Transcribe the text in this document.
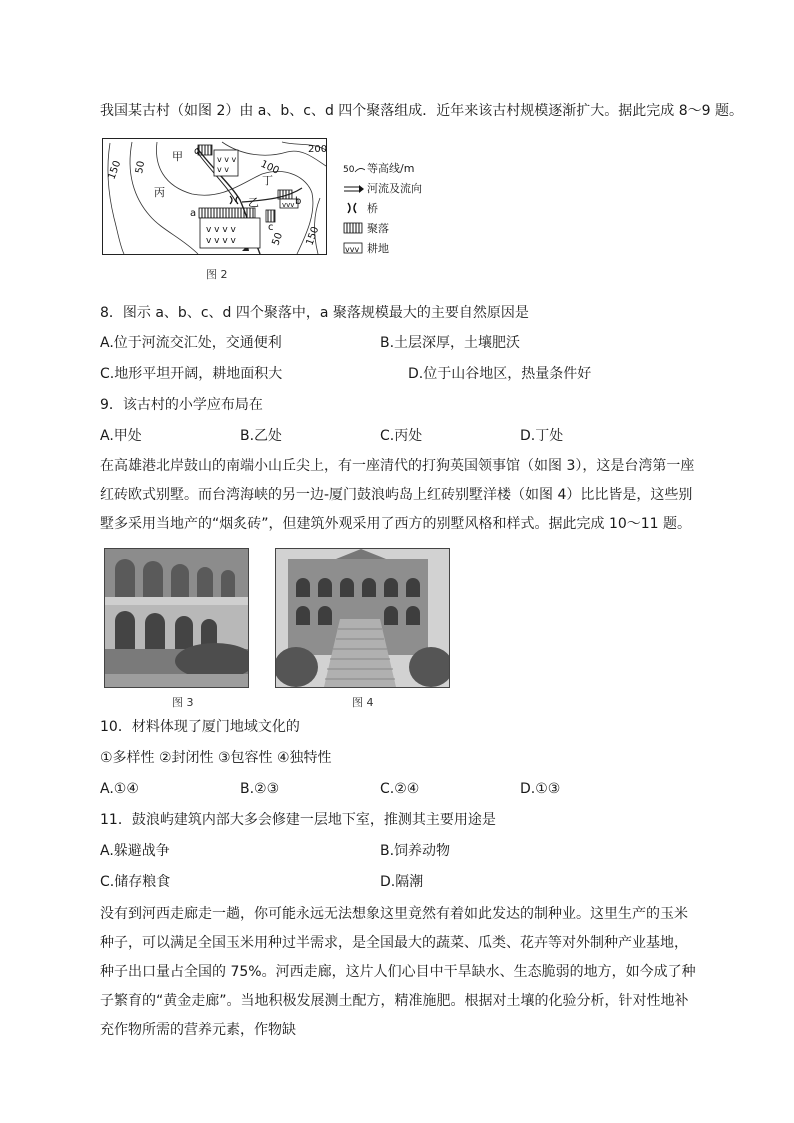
我国某古村（如图 2）由 a、b、c、d 四个聚落组成．近年来该古村规模逐渐扩大。据此完成 8～9 题。
v v v
v v
v v v v
v v v v
vvv
150 50	100
200
50 150
甲
丙
丁
乙
a
b
c
d
50 等高线/m
河流及流向
桥
聚落
vvv 耕地
图 2
8．图示 a、b、c、d 四个聚落中，a 聚落规模最大的主要自然原因是
A.位于河流交汇处，交通便利	B.土层深厚，土壤肥沃
C.地形平坦开阔，耕地面积大	D.位于山谷地区，热量条件好
9．该古村的小学应布局在
A.甲处	B.乙处	C.丙处	D.丁处
在高雄港北岸鼓山的南端小山丘尖上，有一座清代的打狗英国领事馆（如图 3），这是台湾第一座红砖欧式别墅。而台湾海峡的另一边-厦门鼓浪屿岛上红砖别墅洋楼（如图 4）比比皆是，这些别墅多采用当地产的“烟炙砖”，但建筑外观采用了西方的别墅风格和样式。据此完成 10～11 题。
图 3	图 4
10．材料体现了厦门地域文化的
①多样性 ②封闭性 ③包容性 ④独特性
A.①④	B.②③	C.②④	D.①③
11．鼓浪屿建筑内部大多会修建一层地下室，推测其主要用途是
A.躲避战争	B.饲养动物
C.储存粮食	D.隔潮
没有到河西走廊走一趟，你可能永远无法想象这里竟然有着如此发达的制种业。这里生产的玉米种子，可以满足全国玉米用种过半需求，是全国最大的蔬菜、瓜类、花卉等对外制种产业基地，种子出口量占全国的 75%。河西走廊，这片人们心目中干旱缺水、生态脆弱的地方，如今成了种子繁育的“黄金走廊”。当地积极发展测土配方，精准施肥。根据对土壤的化验分析，针对性地补充作物所需的营养元素，作物缺
